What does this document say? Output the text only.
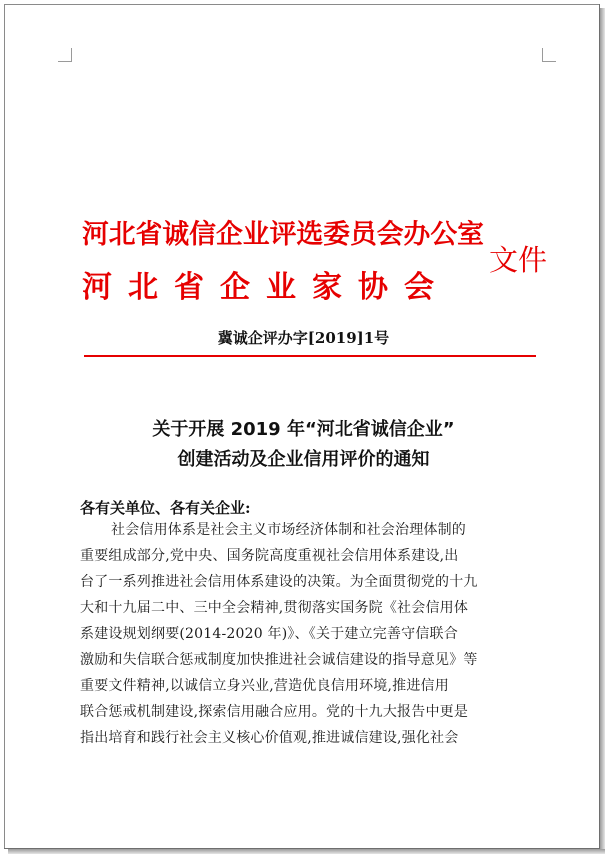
河北省诚信企业评选委员会办公室
河北省企业家协会
文件
冀诚企评办字[2019]1号
关于开展 2019 年“河北省诚信企业”
创建活动及企业信用评价的通知
各有关单位、各有关企业:
社会信用体系是社会主义市场经济体制和社会治理体制的
重要组成部分,党中央、国务院高度重视社会信用体系建设,出
台了一系列推进社会信用体系建设的决策。为全面贯彻党的十九
大和十九届二中、三中全会精神,贯彻落实国务院《社会信用体
系建设规划纲要(2014-2020 年)》、《关于建立完善守信联合
激励和失信联合惩戒制度加快推进社会诚信建设的指导意见》等
重要文件精神,以诚信立身兴业,营造优良信用环境,推进信用
联合惩戒机制建设,探索信用融合应用。党的十九大报告中更是
指出培育和践行社会主义核心价值观,推进诚信建设,强化社会
